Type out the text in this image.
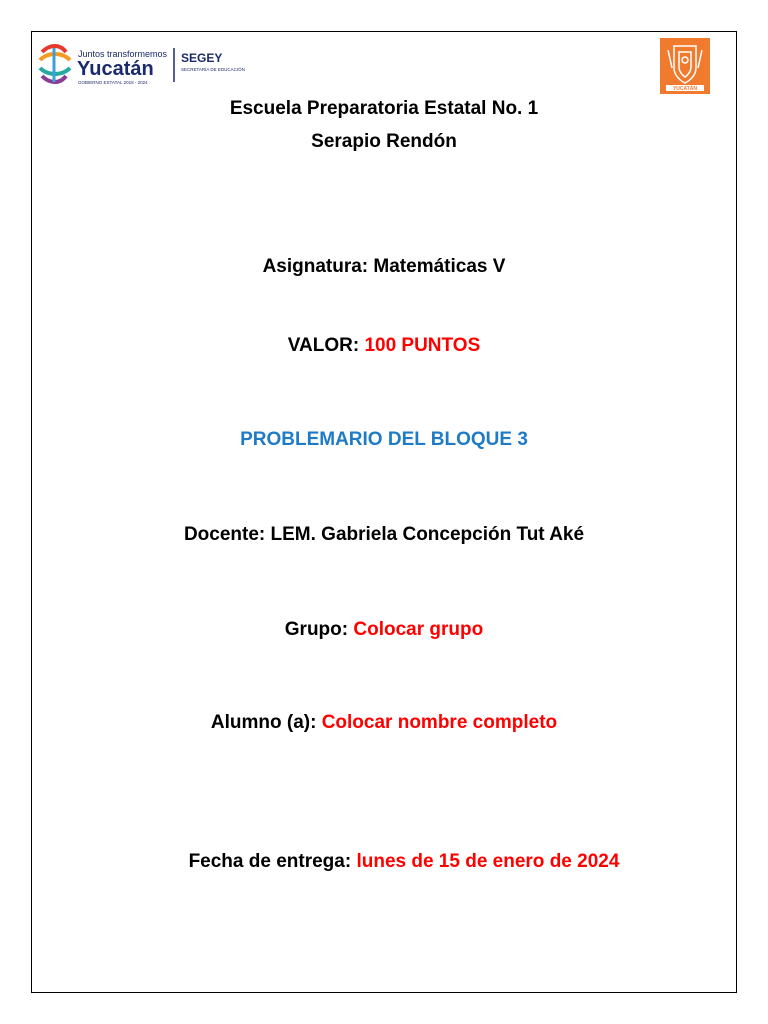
Juntos transformemos
Yucatán
GOBIERNO ESTATAL 2018 - 2024
SEGEY
SECRETARÍA DE EDUCACIÓN
YUCATÁN
Escuela Preparatoria Estatal No. 1
Serapio Rendón
Asignatura: Matemáticas V
VALOR: 100 PUNTOS
PROBLEMARIO DEL BLOQUE 3
Docente: LEM. Gabriela Concepción Tut Aké
Grupo: Colocar grupo
Alumno (a): Colocar nombre completo
Fecha de entrega: lunes de 15 de enero de 2024
